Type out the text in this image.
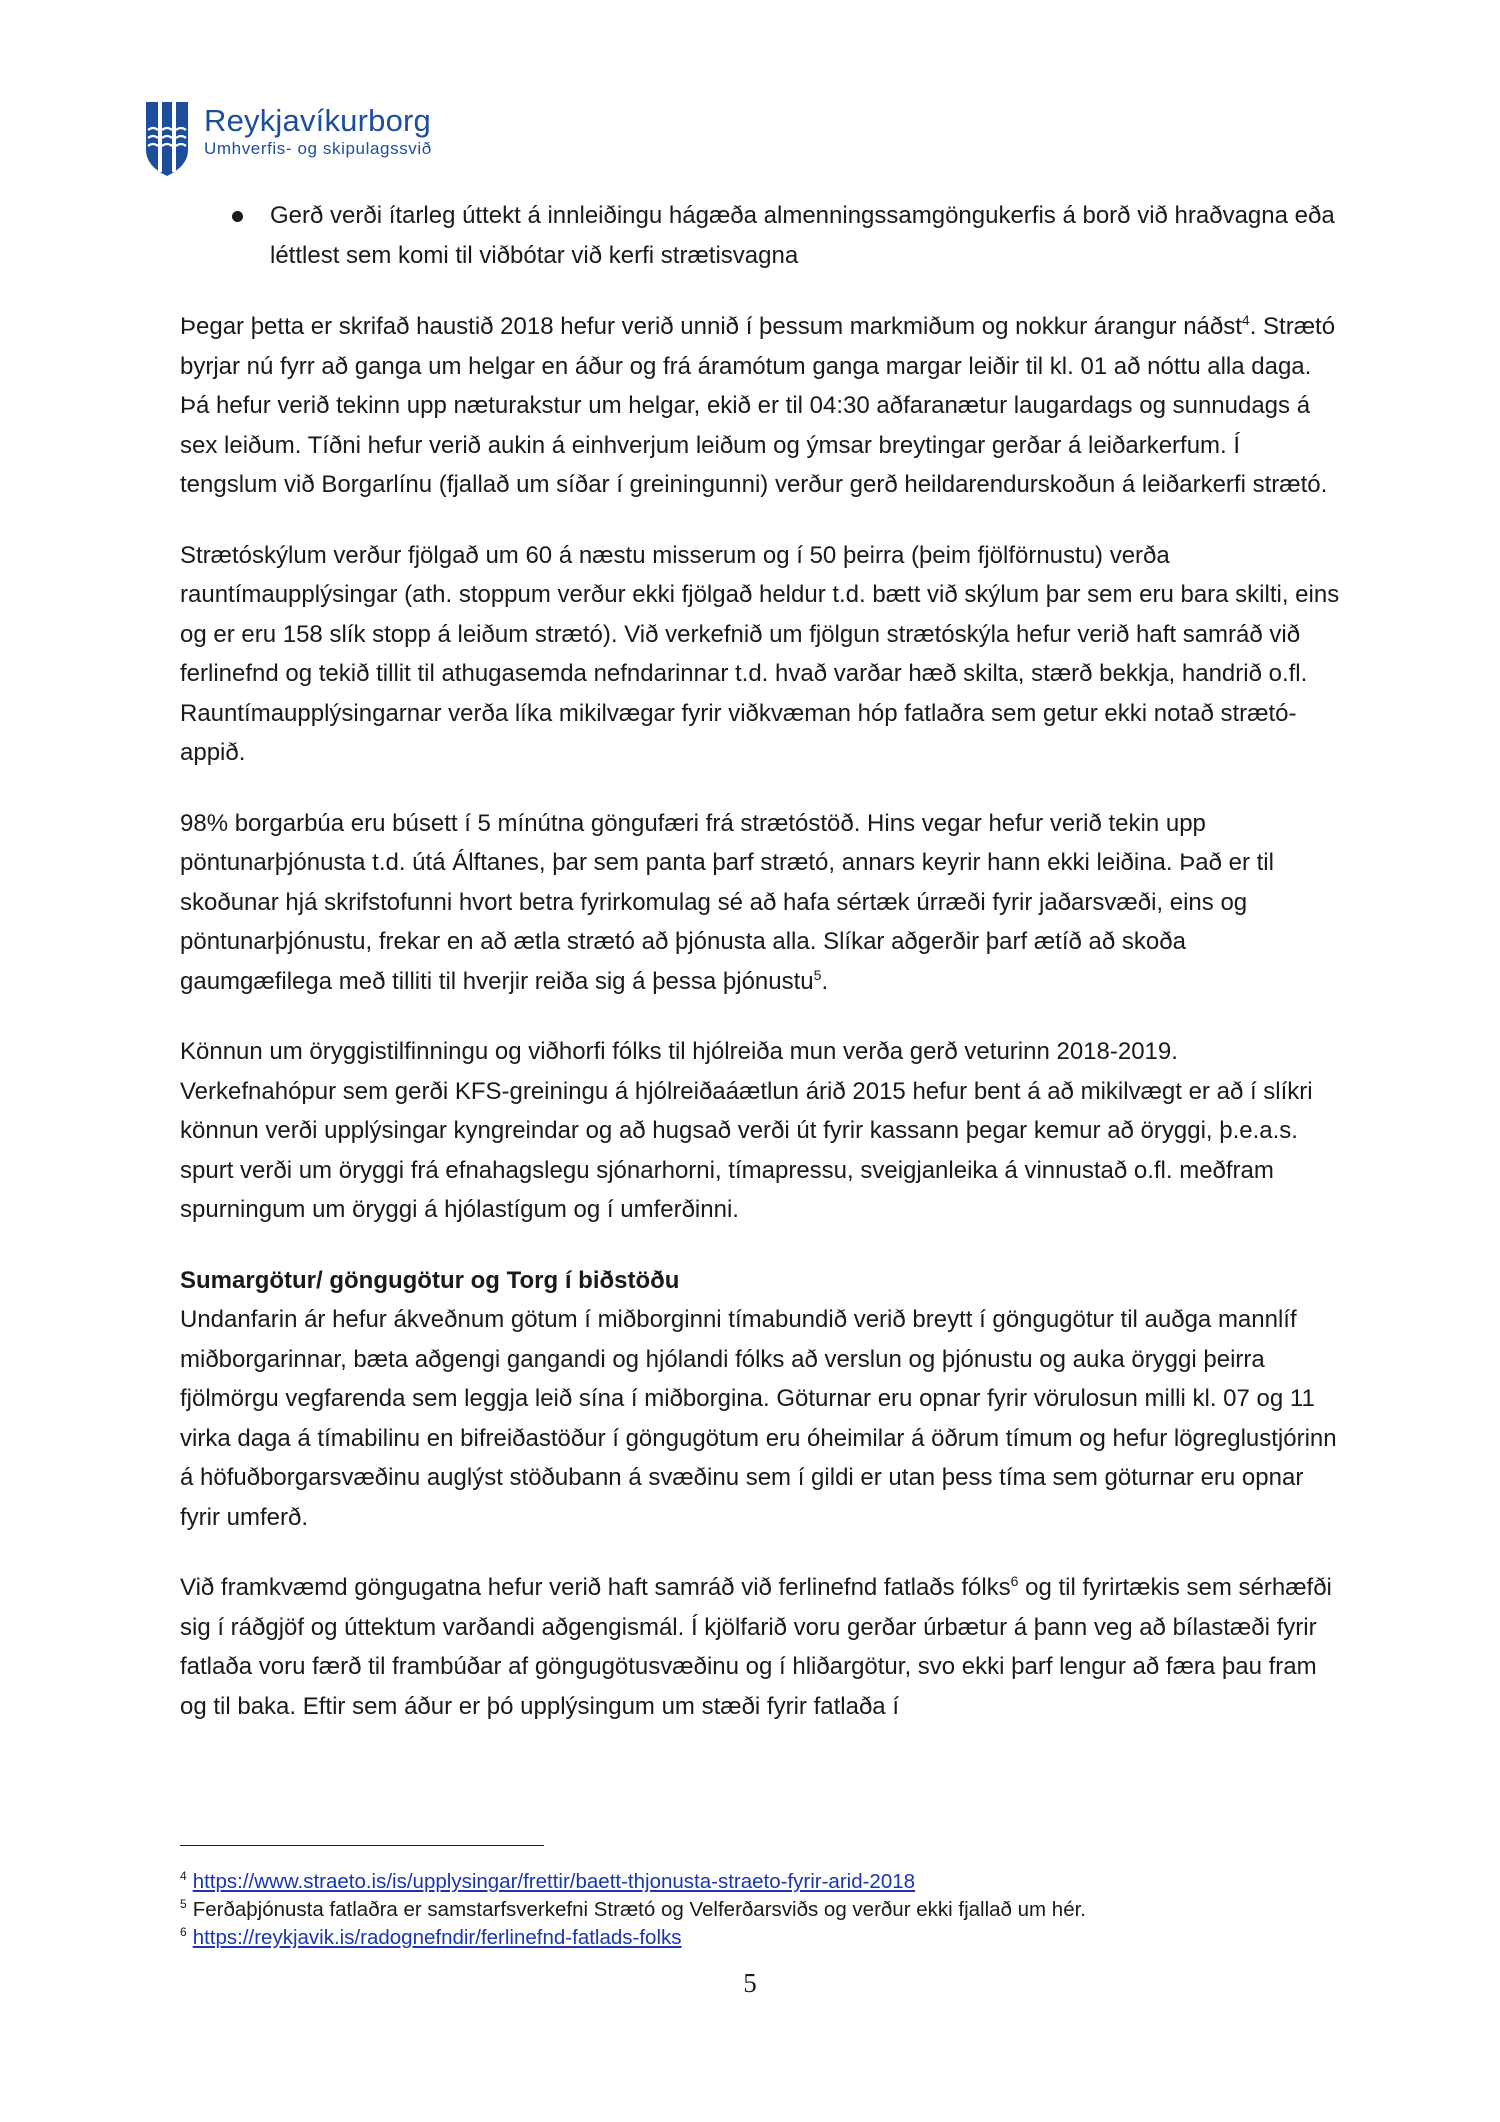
Reykjavíkurborg
Umhverfis- og skipulagssvið
Gerð verði ítarleg úttekt á innleiðingu hágæða almenningssamgöngukerfis á borð við hraðvagna eða léttlest sem komi til viðbótar við kerfi strætisvagna

Þegar þetta er skrifað haustið 2018 hefur verið unnið í þessum markmiðum og nokkur árangur náðst$^4$. Strætó byrjar nú fyrr að ganga um helgar en áður og frá áramótum ganga margar leiðir til kl. 01 að nóttu alla daga. Þá hefur verið tekinn upp næturakstur um helgar, ekið er til 04:30 aðfaranætur laugardags og sunnudags á sex leiðum. Tíðni hefur verið aukin á einhverjum leiðum og ýmsar breytingar gerðar á leiðarkerfum. Í tengslum við Borgarlínu (fjallað um síðar í greiningunni) verður gerð heildarendurskoðun á leiðarkerfi strætó.

Strætóskýlum verður fjölgað um 60 á næstu misserum og í 50 þeirra (þeim fjölförnustu) verða rauntímaupplýsingar (ath. stoppum verður ekki fjölgað heldur t.d. bætt við skýlum þar sem eru bara skilti, eins og er eru 158 slík stopp á leiðum strætó). Við verkefnið um fjölgun strætóskýla hefur verið haft samráð við ferlinefnd og tekið tillit til athugasemda nefndarinnar t.d. hvað varðar hæð skilta, stærð bekkja, handrið o.fl. Rauntímaupplýsingarnar verða líka mikilvægar fyrir viðkvæman hóp fatlaðra sem getur ekki notað strætó-appið.

98% borgarbúa eru búsett í 5 mínútna göngufæri frá strætóstöð. Hins vegar hefur verið tekin upp pöntunarþjónusta t.d. útá Álftanes, þar sem panta þarf strætó, annars keyrir hann ekki leiðina. Það er til skoðunar hjá skrifstofunni hvort betra fyrirkomulag sé að hafa sértæk úrræði fyrir jaðarsvæði, eins og pöntunarþjónustu, frekar en að ætla strætó að þjónusta alla. Slíkar aðgerðir þarf ætíð að skoða gaumgæfilega með tilliti til hverjir reiða sig á þessa þjónustu$^5$.

Könnun um öryggistilfinningu og viðhorfi fólks til hjólreiða mun verða gerð veturinn 2018-2019. Verkefnahópur sem gerði KFS-greiningu á hjólreiðaáætlun árið 2015 hefur bent á að mikilvægt er að í slíkri könnun verði upplýsingar kyngreindar og að hugsað verði út fyrir kassann þegar kemur að öryggi, þ.e.a.s. spurt verði um öryggi frá efnahagslegu sjónarhorni, tímapressu, sveigjanleika á vinnustað o.fl. meðfram spurningum um öryggi á hjólastígum og í umferðinni.

Sumargötur/ göngugötur og Torg í biðstöðu

Undanfarin ár hefur ákveðnum götum í miðborginni tímabundið verið breytt í göngugötur til auðga mannlíf miðborgarinnar, bæta aðgengi gangandi og hjólandi fólks að verslun og þjónustu og auka öryggi þeirra fjölmörgu vegfarenda sem leggja leið sína í miðborgina. Göturnar eru opnar fyrir vörulosun milli kl. 07 og 11 virka daga á tímabilinu en bifreiðastöður í göngugötum eru óheimilar á öðrum tímum og hefur lögreglustjórinn á höfuðborgarsvæðinu auglýst stöðubann á svæðinu sem í gildi er utan þess tíma sem göturnar eru opnar fyrir umferð.

Við framkvæmd göngugatna hefur verið haft samráð við ferlinefnd fatlaðs fólks$^6$ og til fyrirtækis sem sérhæfði sig í ráðgjöf og úttektum varðandi aðgengismál. Í kjölfarið voru gerðar úrbætur á þann veg að bílastæði fyrir fatlaða voru færð til frambúðar af göngugötusvæðinu og í hliðargötur, svo ekki þarf lengur að færa þau fram og til baka. Eftir sem áður er þó upplýsingum um stæði fyrir fatlaða í

$^4$ https://www.straeto.is/is/upplysingar/frettir/baett-thjonusta-straeto-fyrir-arid-2018
$^5$ Ferðaþjónusta fatlaðra er samstarfsverkefni Strætó og Velferðarsviðs og verður ekki fjallað um hér.
$^6$ https://reykjavik.is/radognefndir/ferlinefnd-fatlads-folks
5
